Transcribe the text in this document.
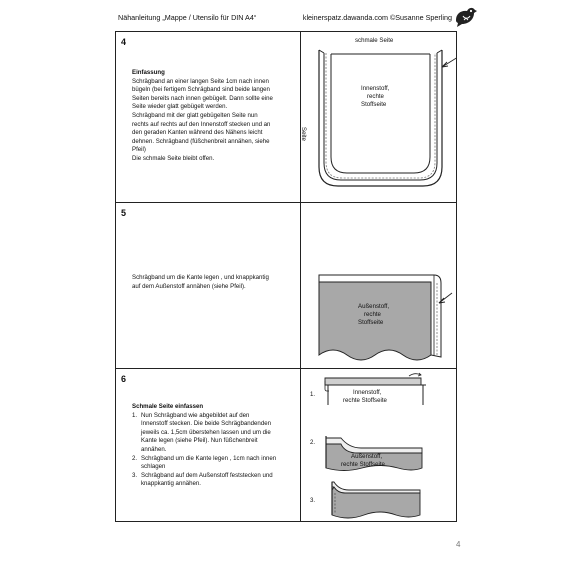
Nähanleitung „Mappe / Utensilo für DIN A4“	kleinerspatz.dawanda.com ©Susanne Sperling
4
Einfassung
Schrägband an einer langen Seite 1cm nach innen
bügeln (bei fertigem Schrägband sind beide langen
Seiten bereits nach innen gebügelt. Dann sollte eine
Seite wieder glatt gebügelt werden.
Schrägband mit der glatt gebügelten Seite nun
rechts auf rechts auf den Innenstoff stecken und an
den geraden Kanten während des Nähens leicht
dehnen. Schrägband (füßchenbreit annähen, siehe
Pfeil)
Die schmale Seite bleibt offen.
schmale Seite
Seite
Innenstoff,
rechte
Stoffseite
5
Schrägband um die Kante legen , und knappkantig
auf dem Außenstoff annähen (siehe Pfeil).
Außenstoff,
rechte
Stoffseite
6
Schmale Seite einfassen
1. Nun Schrägband wie abgebildet auf den
Innenstoff stecken. Die beide Schrägbandenden
jeweils ca. 1,5cm überstehen lassen und um die
Kante legen (siehe Pfeil). Nun füßchenbreit
annähen.
2. Schrägband um die Kante legen , 1cm nach innen
schlagen
3. Schrägband auf dem Außenstoff feststecken und
knappkantig annähen.
1.	Innenstoff,
rechte Stoffseite
2.
Außenstoff,
rechte Stoffseite
3.
4
